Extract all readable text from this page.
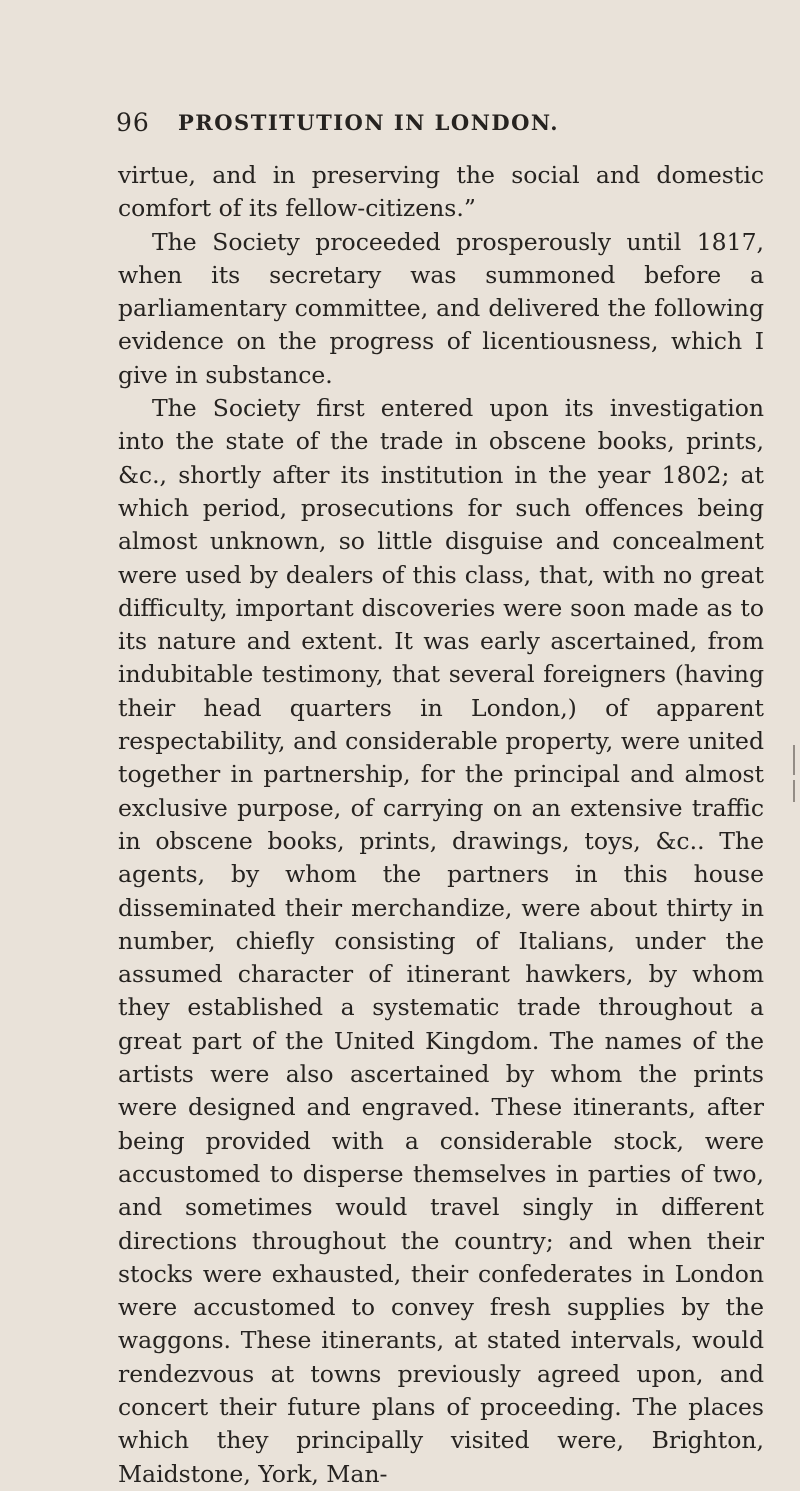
96 PROSTITUTION IN LONDON.

virtue, and in preserving the social and domestic comfort of its fellow-citizens.”

The Society proceeded prosperously until 1817, when its secretary was summoned before a parliamentary committee, and delivered the following evidence on the progress of licentiousness, which I give in substance.

The Society first entered upon its investigation into the state of the trade in obscene books, prints, &c., shortly after its institution in the year 1802; at which period, prosecutions for such offences being almost unknown, so little disguise and concealment were used by dealers of this class, that, with no great difficulty, important discoveries were soon made as to its nature and extent. It was early ascertained, from indubitable testimony, that several foreigners (having their head quarters in London,) of apparent respectability, and considerable property, were united together in partnership, for the principal and almost exclusive purpose, of carrying on an extensive traffic in obscene books, prints, drawings, toys, &c.. The agents, by whom the partners in this house disseminated their merchandize, were about thirty in number, chiefly consisting of Italians, under the assumed character of itinerant hawkers, by whom they established a systematic trade throughout a great part of the United Kingdom. The names of the artists were also ascertained by whom the prints were designed and engraved. These itinerants, after being provided with a considerable stock, were accustomed to disperse themselves in parties of two, and sometimes would travel singly in different directions throughout the country; and when their stocks were exhausted, their confederates in London were accustomed to convey fresh supplies by the waggons. These itinerants, at stated intervals, would rendezvous at towns previously agreed upon, and concert their future plans of proceeding. The places which they principally visited were, Brighton, Maidstone, York, Man-
